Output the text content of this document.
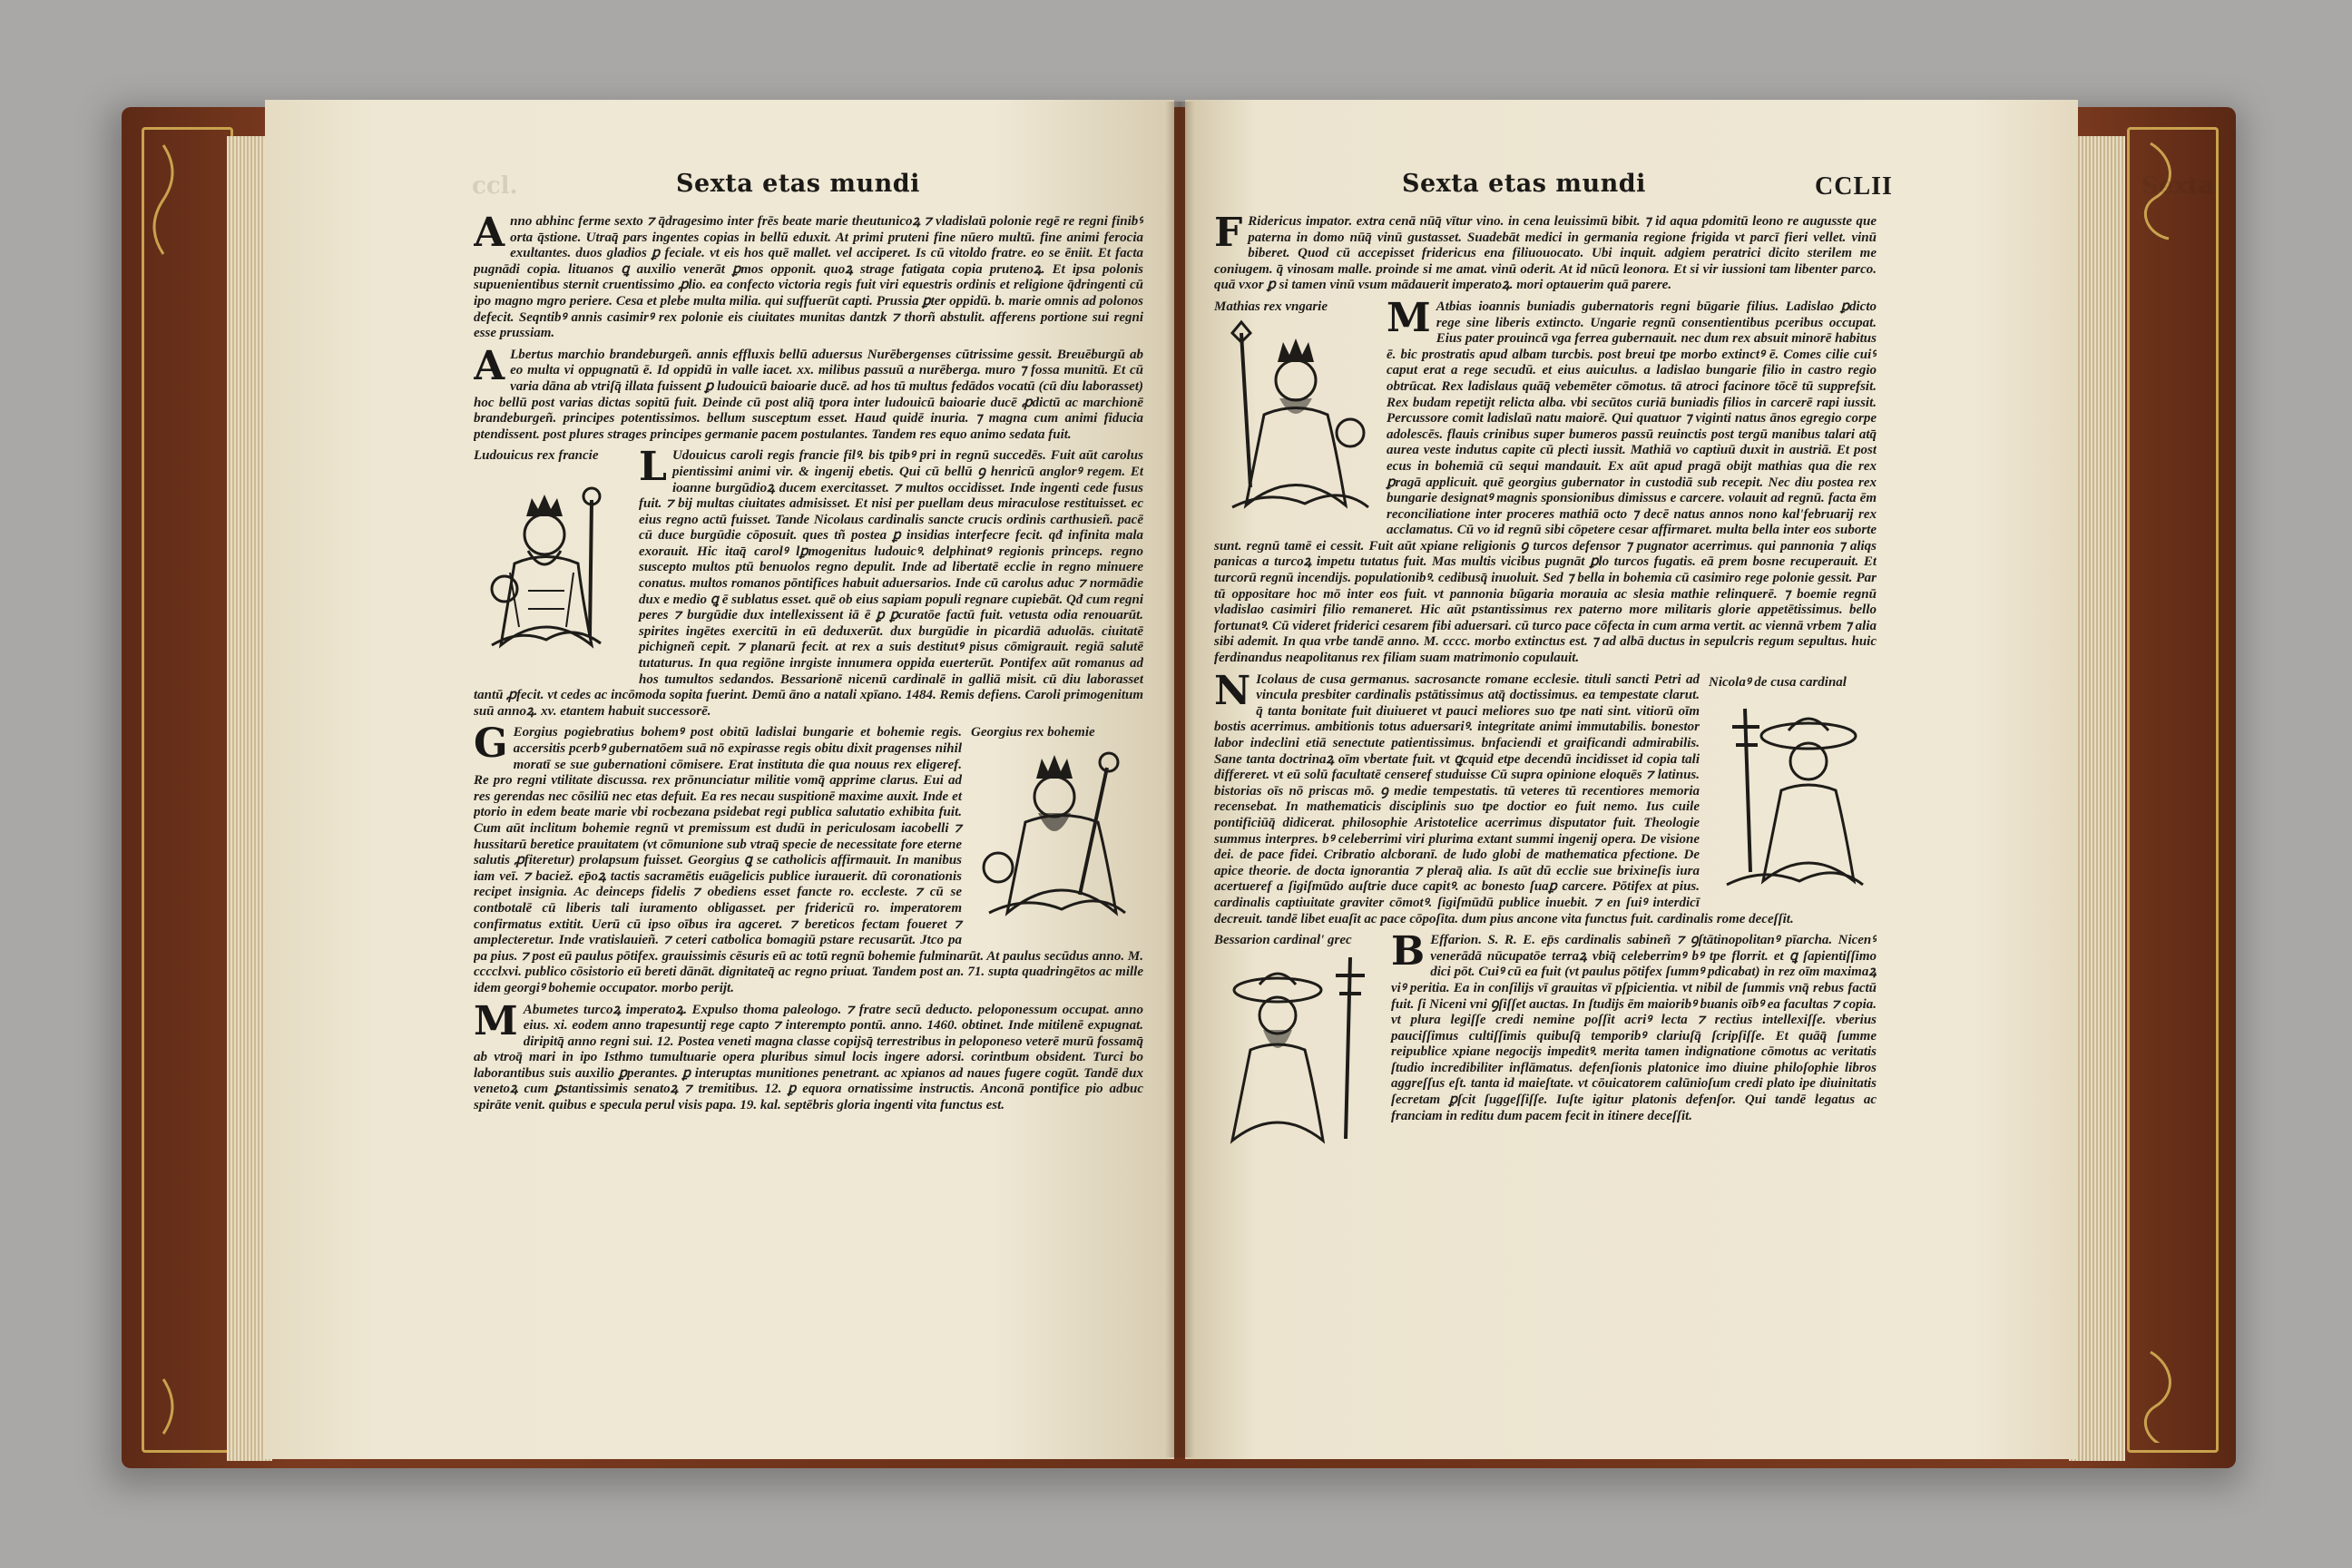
ccl.	Sexta
Sexta etas mundi	Sexta etas mundi	CCLII

Anno abhinc ferme sexto ⁊ q̄dragesimo inter frēs beate marie theutunicoꝝ ⁊ vladislaū polonie regē re regni finibꝰ orta q̄stione. Utraq̄ pars ingentes copias in bellū eduxit. At primi pruteni fine nūero multū. fine animi ferocia exultantes. duos gladios ꝑ feciale. vt eis hos quē mallet. vel acciperet. Is cū vitoldo fratre. eo se ēniit. Et facta pugnādi copia. lituanos ꝗ auxilio venerāt ꝑmos opponit. quoꝝ strage fatigata copia prutenoꝝ. Et ipsa polonis supuenientibus sternit cruentissimo ꝓlio. ea confecto victoria regis fuit viri equestris ordinis et religione q̄dringenti cū ipo magno mgro periere. Cesa et plebe multa milia. qui suffuerūt capti. Prussia ꝑter oppidū. b. marie omnis ad polonos defecit. Seqntibꝰ annis casimirꝰ rex polonie eis ciuitates munitas dantzk ⁊ thorñ abstulit. afferens portione sui regni esse prussiam.

A Lbertus marchio brandeburgeñ. annis effluxis bellū aduersus Nurēbergenses cūtrissime gessit. Breuēburgū ab eo multa vi oppugnatū ē. Id oppidū in valle iacet. xx. milibus passuū a nurēberga. muro ⁊ fossa munitū. Et cū varia dāna ab vtriſq̄ illata fuissent ꝑ ludouicū baioarie ducē. ad hos tū multus fedādos vocatū (cū diu laborasset) hoc bellū post varias dictas sopitū fuit. Deinde cū post aliq̄ tpora inter ludouicū baioarie ducē ꝓdictū ac marchionē brandeburgeñ. principes potentissimos. bellum susceptum esset. Haud quidē inuria. ⁊ magna cum animi fiducia ptendissent. post plures strages principes germanie pacem postulantes. Tandem res equo animo sedata fuit.

Ludouicus rex francie	L Udouicus caroli regis francie filꝰ. bis tpibꝰ pri in regnū succedēs. Fuit aūt carolus pientissimi animi vir. & ingenij ebetis. Qui cū bellū ꝯ henricū anglorꝰ regem. Et ioanne burgūdioꝝ ducem exercitasset. ⁊ multos occidisset. Inde ingenti cede fusus fuit. ⁊ bij multas ciuitates admisisset. Et nisi per puellam deus miraculose restituisset. ec eius regno actū fuisset. Tande Nicolaus cardinalis sancte crucis ordinis carthusieñ. pacē cū duce burgūdie cōposuit. ques tñ postea ꝑ insidias interfecre fecit. qđ infinita mala exorauit. Hic itaq̄ carolꝰ lꝑmogenitus ludouicꝰ. delphinatꝰ regionis princeps. regno suscepto multos ptū benuolos regno depulit. Inde ad libertatē ecclie in regno minuere conatus. multos romanos pōntifices habuit aduersarios. Inde cū carolus aduc ⁊ normādie dux e medio ꝗ ē sublatus esset. quē ob eius sapiam populi regnare cupiebāt. Qđ cum regni peres ⁊ burgūdie dux intellexissent iā ē ꝑ ꝑcuratōe factū fuit. vetusta odia renouarūt. spirites ingētes exercitū in eū deduxerūt. dux burgūdie in picardiā aduolās. ciuitatē pichigneñ cepit. ⁊ planarū fecit. at rex a suis destitutꝰ pisus cōmigrauit. regiā salutē tutaturus. In qua regiōne inrgiste innumera oppida euerterūt. Pontifex aūt romanus ad hos tumultos sedandos. Bessarionē nicenū cardinalē in galliā misit. cū diu laborasset tantū ꝓfecit. vt cedes ac incōmoda sopita fuerint. Demū āno a natali xpīano. 1484. Remis defiens. Caroli primogenitum suū annoꝝ. xv. etantem habuit successorē.

Georgius rex bohemie

G Eorgius pogiebratius bohemꝰ post obitū ladislai bungarie et bohemie regis. accersitis pcerbꝰ gubernatōem suā nō expirasse regis obitu dixit pragenses nihil moratī se sue gubernationi cōmisere. Erat instituta die qua nouus rex eligeref. Re pro regni vtilitate discussa. rex prōnunciatur militie vomq̄ apprime clarus. Eui ad res gerendas nec cōsiliū nec etas defuit. Ea res necau suspitionē maxime auxit. Inde et ptorio in edem beate marie vbi rocbezana psidebat regi publica salutatio exhibita fuit. Cum aūt inclitum bohemie regnū vt premissum est dudū in periculosam iacobelli ⁊ hussitarū beretice prauitatem (vt cōmunione sub vtraq̄ specie de necessitate fore eterne salutis ꝓfiteretur) prolapsum fuisset. Georgius ꝗ se catholicis affirmauit. In manibus iam veī. ⁊ baciež. ep̄oꝝ tactis sacramētis euāgelicis publice iurauerit. dū coronationis recipet insignia. Ac deinceps fidelis ⁊ obediens esset fancte ro. eccleste. ⁊ cū se contbotalē cū liberis tali iuramento obligasset. per fridericū ro. imperatorem confirmatus extitit. Uerū cū ipso oībus ira agceret. ⁊ bereticos fectam foueret ⁊ amplecteretur. Inde vratislauieñ. ⁊ ceteri catbolica bomagiū pstare recusarūt. Jtco pa pa pius. ⁊ post eū paulus pōtifex. grauissimis cēsuris eū ac totū regnū bohemie fulminarūt. At paulus secūdus anno. M. cccclxvi. publico cōsistorio eū bereti dānāt. dignitateq̄ ac regno priuat. Tandem post an. 71. supta quadringētos ac mille idem georgiꝰ bohemie occupator. morbo perijt.

M Abumetes turcoꝝ imperatoꝝ. Expulso thoma paleologo. ⁊ fratre secū deducto. peloponessum occupat. anno eius. xi. eodem anno trapesuntij rege capto ⁊ interempto pontū. anno. 1460. obtinet. Inde mitilenē expugnat. diripitq̄ anno regni sui. 12. Postea veneti magna classe copijsq̄ terrestribus in peloponeso veterē murū fossamq̄ ab vtroq̄ mari in ipo Isthmo tumultuarie opera pluribus simul locis ingere adorsi. corintbum obsident. Turci bo laborantibus suis auxilio ꝑperantes. ꝑ interuptas munitiones penetrant. ac xpianos ad naues fugere cogūt. Tandē dux venetoꝝ cum ꝑstantissimis senatoꝝ ⁊ tremitibus. 12. ꝑ equora ornatissime instructis. Anconā pontifice pio adbuc spirāte venit. quibus e specula perul visis papa. 19. kal. septēbris gloria ingenti vita functus est.

F Ridericus impator. extra cenā nūq̄ vītur vino. in cena leuissimū bibit. ⁊ id aqua pdomitū leono re augusste que paterna in domo nūq̄ vinū gustasset. Suadebāt medici in germania regione frigida vt parcī fieri vellet. vinū biberet. Quod cū accepisset fridericus ena filiuouocato. Ubi inquit. adgiem peratrici dicito sterilem me coniugem. q̄ vinosam malle. proinde si me amat. vinū oderit. At id nūcū leonora. Et si vir iussioni tam libenter parco. quā vxor ꝑ si tamen vinū vsum mādauerit imperatoꝝ. mori optauerim quā parere.

Mathias rex vngarie	M Atbias ioannis buniadis gubernatoris regni būgarie filius. Ladislao ꝑdicto rege sine liberis extincto. Ungarie regnū consentientibus pceribus occupat. Eius pater prouincā vga ferrea gubernauit. nec dum rex absuit minorē habitus ē. bic prostratis apud albam turcbis. post breui tpe morbo extinctꝰ ē. Comes cilie cuiꝰ caput erat a rege secudū. et eius auiculus. a ladislao bungarie filio in castro regio obtrūcat. Rex ladislaus quāq̄ vebemēter cōmotus. tā atroci facinore tōcē tū supprefsit. Rex budam repetijt relicta alba. vbi secūtos curiā buniadis filios in carcerē rapi iussit. Percussore comit ladislaū natu maiorē. Qui quatuor ⁊ viginti natus ānos egregio corpe adolescēs. flauis crinibus super bumeros passū reuinctis post tergū manibus talari atq̄ aurea veste indutus capite cū plecti iussit. Mathiā vo captiuū duxit in austriā. Et post ecus in bohemiā cū sequi mandauit. Ex aūt apud pragā obijt mathias qua die rex ꝑragā applicuit. quē georgius gubernator in custodiā sub recepit. Nec diu postea rex bungarie designatꝰ magnis sponsionibus dimissus e carcere. volauit ad regnū. facta ēm reconciliatione inter proceres mathiā octo ⁊ decē natus annos nono kal'februarij rex acclamatus. Cū vo id regnū sibi cōpetere cesar affirmaret. multa bella inter eos suborte sunt. regnū tamē ei cessit. Fuit aūt xpiane religionis ꝯ turcos defensor ⁊ pugnator acerrimus. qui pannonia ⁊ aliqs panicas a turcoꝝ impetu tutatus fuit. Mas multis vicibus pugnāt ꝑlo turcos fugatis. eā prem bosne recuperauit. Et turcorū regnū incendijs. populationibꝰ. cedibusq̄ inuoluit. Sed ⁊ bella in bohemia cū casimiro rege polonie gessit. Par tū oppositare hoc mō inter eos fuit. vt pannonia būgaria morauia ac slesia mathie relinquerē. ⁊ boemie regnū vladislao casimiri filio remaneret. Hic aūt pstantissimus rex paterno more militaris glorie appetētissimus. bello fortunatꝰ. Cū videret friderici cesarem fibi aduersari. cū turco pace cōfecta in cum arma vertit. ac viennā vrbem ⁊ alia sibi ademit. In qua vrbe tandē anno. M. cccc. morbo extinctus est. ⁊ ad albā ductus in sepulcris regum sepultus. huic ferdinandus neapolitanus rex filiam suam matrimonio copulauit.

Nicolaꝰ de cusa cardinal

N Icolaus de cusa germanus. sacrosancte romane ecclesie. tituli sancti Petri ad vincula presbiter cardinalis pstātissimus atq̄ doctissimus. ea tempestate clarut. q̄ tanta bonitate fuit diuiueret vt pauci meliores suo tpe nati sint. vitiorū oīm bostis acerrimus. ambitionis totus aduersariꝰ. integritate animi immutabilis. bonestor labor indeclini etiā senectute patientissimus. bnfaciendi et graificandi admirabilis. Sane tanta doctrinaꝝ oīm vbertate fuit. vt ꝗcquid etpe decendū incidisset id copia tali differeret. vt eū solū facultatē censeref studuisse Cū supra opinione eloquēs ⁊ latinus. bistorias oīs nō priscas mō. ꝯ medie tempestatis. tū veteres tū recentiores memoria recensebat. In mathematicis disciplinis suo tpe doctior eo fuit nemo. Ius cuile pontificiūq̄ didicerat. philosophie Aristotelice acerrimus disputator fuit. Theologie summus interpres. bꝰ celeberrimi viri plurima extant summi ingenij opera. De visione dei. de pace fidei. Cribratio alcboranī. de ludo globi de mathematica pfectione. De apice theorie. de docta ignorantia ⁊ pleraq̄ alia. Is aūt dū ecclie sue brixineſis iura acertueref a ſigiſmūdo auſtrie duce capitꝰ. ac bonesto ſuaꝑ carcere. Pōtifex at pius. cardinalis captiuitate graviter cōmotꝰ. ſigiſmūdū publice inuebit. ⁊ en ſuiꝰ interdicī decreuit. tandē libet euaſit ac pace cōpoſita. dum pius ancone vita functus fuit. cardinalis rome deceſſit.

Bessarion cardinal' grec B Effarion. S. R. E. ep̄s cardinalis sabineñ ⁊ ꝯſtātinopolitanꝰ pīarcha. Nicenꝰ venerādā nūcupatōe terraꝝ vbiq̄ celeberrimꝰ bꝰ tpe florrit. et ꝗ ſapientiſſimo dici pōt. Cuiꝰ cū ea fuit (vt paulus pōtifex ſummꝰ pdicabat) in rez oīm maximaꝝ viꝰ peritia. Ea in conſilijs vī grauitas vī pſpicientia. vt nibil de ſummis vnq̄ rebus factū fuit. ſi Niceni vni ꝯſiſſet auctas. In ſtudijs ēm maioribꝰ buanis oībꝰ ea facultas ⁊ copia. vt plura legiſſe credi nemine poſſit acriꝰ lecta ⁊ rectius intellexiſſe. vberius pauciſſimus cultiſſimis quibuſq̄ temporibꝰ clariuſq̄ ſcripſiſſe. Et quāq̄ ſumme reipublice xpiane negocijs impeditꝰ. merita tamen indignatione cōmotus ac veritatis ſtudio incredibiliter inflāmatus. defenſionis platonice imo diuine philoſophie libros aggreſſus eſt. tanta id maieſtate. vt cōuicatorem calūnioſum credi plato ipe diuinitatis ſecretam ꝑſcit ſuggeſſiſſe. Iuſte igitur platonis defenſor. Qui tandē legatus ac franciam in reditu dum pacem fecit in itinere deceſſit.
